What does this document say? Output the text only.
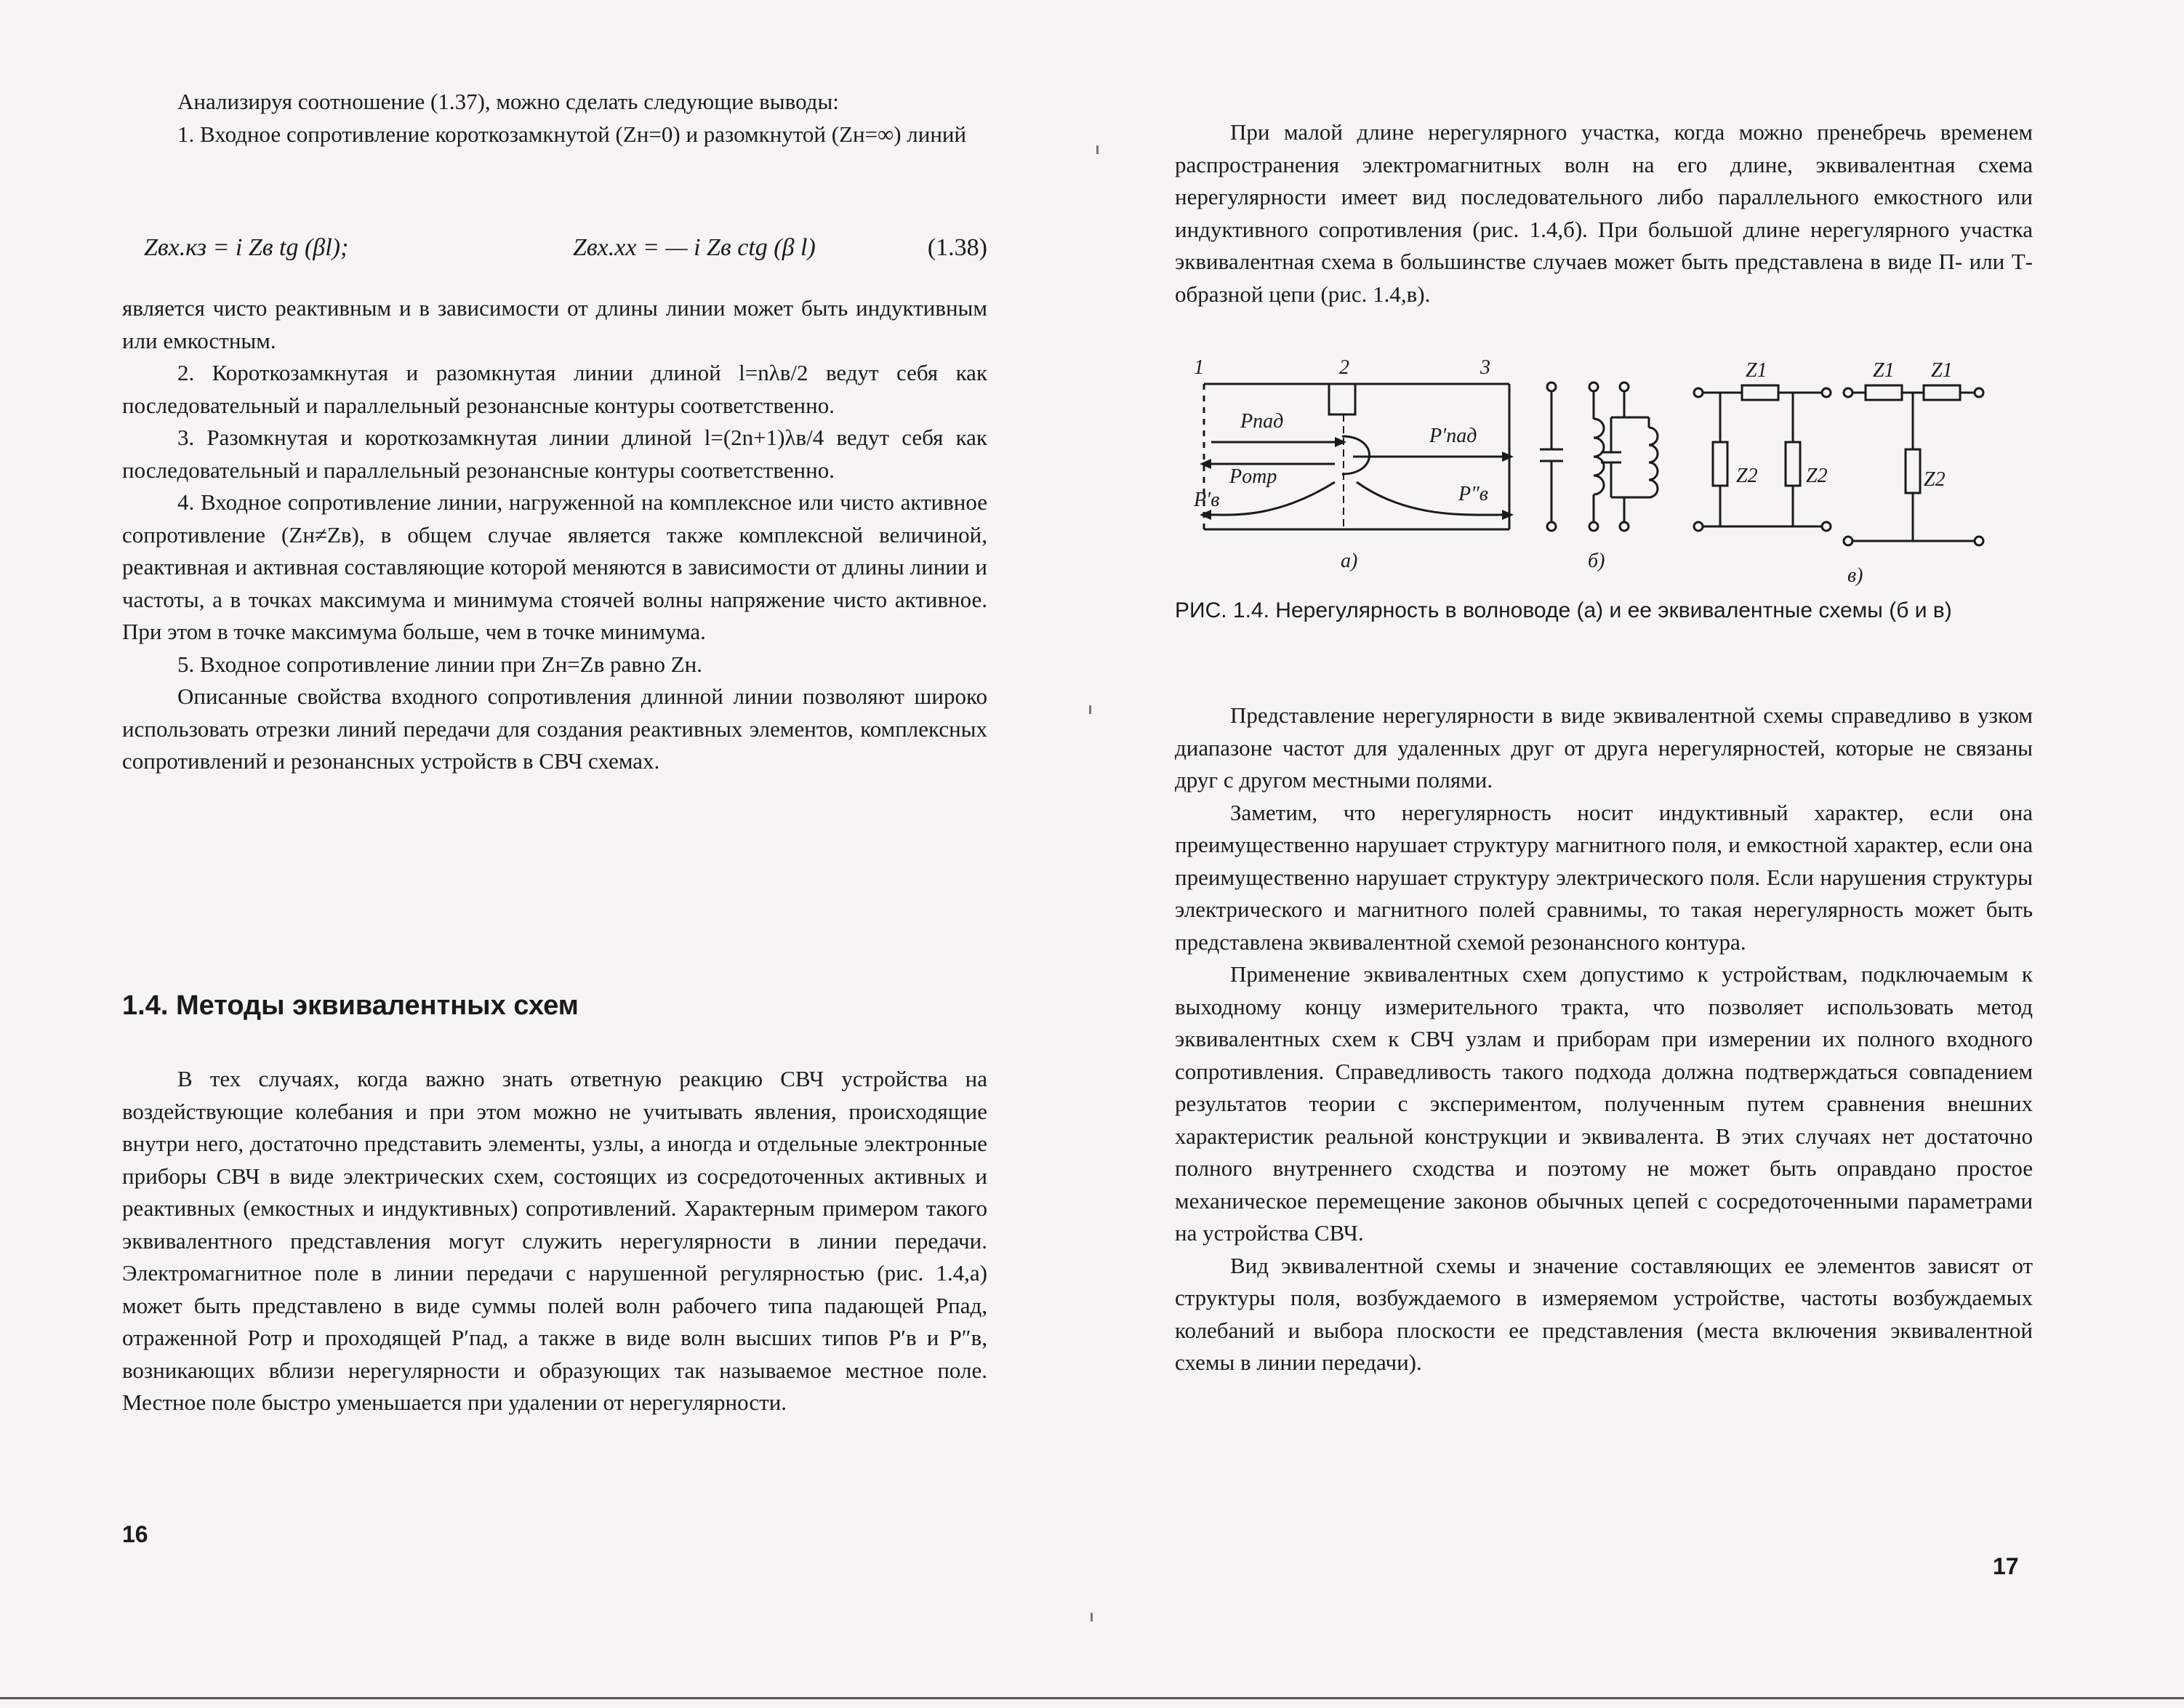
Анализируя соотношение (1.37), можно сделать следующие выводы:

1. Входное сопротивление короткозамкнутой (Zн=0) и разомкнутой (Zн=∞) линий

Zвх.кз = i Zв tg (βl);	Zвх.хх = — i Zв ctg (β l)	(1.38)

является чисто реактивным и в зависимости от длины линии может быть индуктивным или емкостным.

2. Короткозамкнутая и разомкнутая линии длиной l=nλв/2 ведут себя как последовательный и параллельный резонансные контуры соответственно.

3. Разомкнутая и короткозамкнутая линии длиной l=(2n+1)λв/4 ведут себя как последовательный и параллельный резонансные контуры соответственно.

4. Входное сопротивление линии, нагруженной на комплексное или чисто активное сопротивление (Zн≠Zв), в общем случае является также комплексной величиной, реактивная и активная составляющие которой меняются в зависимости от длины линии и частоты, а в точках максимума и минимума стоячей волны напряжение чисто активное. При этом в точке максимума больше, чем в точке минимума.

5. Входное сопротивление линии при Zн=Zв равно Zн.

Описанные свойства входного сопротивления длинной линии позволяют широко использовать отрезки линий передачи для создания реактивных элементов, комплексных сопротивлений и резонансных устройств в СВЧ схемах.

1.4. Методы эквивалентных схем

В тех случаях, когда важно знать ответную реакцию СВЧ устройства на воздействующие колебания и при этом можно не учитывать явления, происходящие внутри него, достаточно представить элементы, узлы, а иногда и отдельные электронные приборы СВЧ в виде электрических схем, состоящих из сосредоточенных активных и реактивных (емкостных и индуктивных) сопротивлений. Характерным примером такого эквивалентного представления могут служить нерегулярности в линии передачи. Электромагнитное поле в линии передачи с нарушенной регулярностью (рис. 1.4,а) может быть представлено в виде суммы полей волн рабочего типа падающей Pпад, отраженной Pотр и проходящей P′пад, а также в виде волн высших типов P′в и P″в, возникающих вблизи нерегулярности и образующих так называемое местное поле. Местное поле быстро уменьшается при удалении от нерегулярности.

16

При малой длине нерегулярного участка, когда можно пренебречь временем распространения электромагнитных волн на его длине, эквивалентная схема нерегулярности имеет вид последовательного либо параллельного емкостного или индуктивного сопротивления (рис. 1.4,б). При большой длине нерегулярного участка эквивалентная схема в большинстве случаев может быть представлена в виде П- или Т-образной цепи (рис. 1.4,в).

1	2	3
Pпад
Pотр
P′пад
P′в	P″в
а)	б)
в)
Z1
Z2 Z2
Z1 Z1
Z2
РИС. 1.4. Нерегулярность в волноводе (а) и ее эквивалентные схемы (б и в)

Представление нерегулярности в виде эквивалентной схемы справедливо в узком диапазоне частот для удаленных друг от друга нерегулярностей, которые не связаны друг с другом местными полями.

Заметим, что нерегулярность носит индуктивный характер, если она преимущественно нарушает структуру магнитного поля, и емкостной характер, если она преимущественно нарушает структуру электрического поля. Если нарушения структуры электрического и магнитного полей сравнимы, то такая нерегулярность может быть представлена эквивалентной схемой резонансного контура.

Применение эквивалентных схем допустимо к устройствам, подключаемым к выходному концу измерительного тракта, что позволяет использовать метод эквивалентных схем к СВЧ узлам и приборам при измерении их полного входного сопротивления. Справедливость такого подхода должна подтверждаться совпадением результатов теории с экспериментом, полученным путем сравнения внешних характеристик реальной конструкции и эквивалента. В этих случаях нет достаточно полного внутреннего сходства и поэтому не может быть оправдано простое механическое перемещение законов обычных цепей с сосредоточенными параметрами на устройства СВЧ.

Вид эквивалентной схемы и значение составляющих ее элементов зависят от структуры поля, возбуждаемого в измеряемом устройстве, частоты возбуждаемых колебаний и выбора плоскости ее представления (места включения эквивалентной схемы в линии передачи).

17
